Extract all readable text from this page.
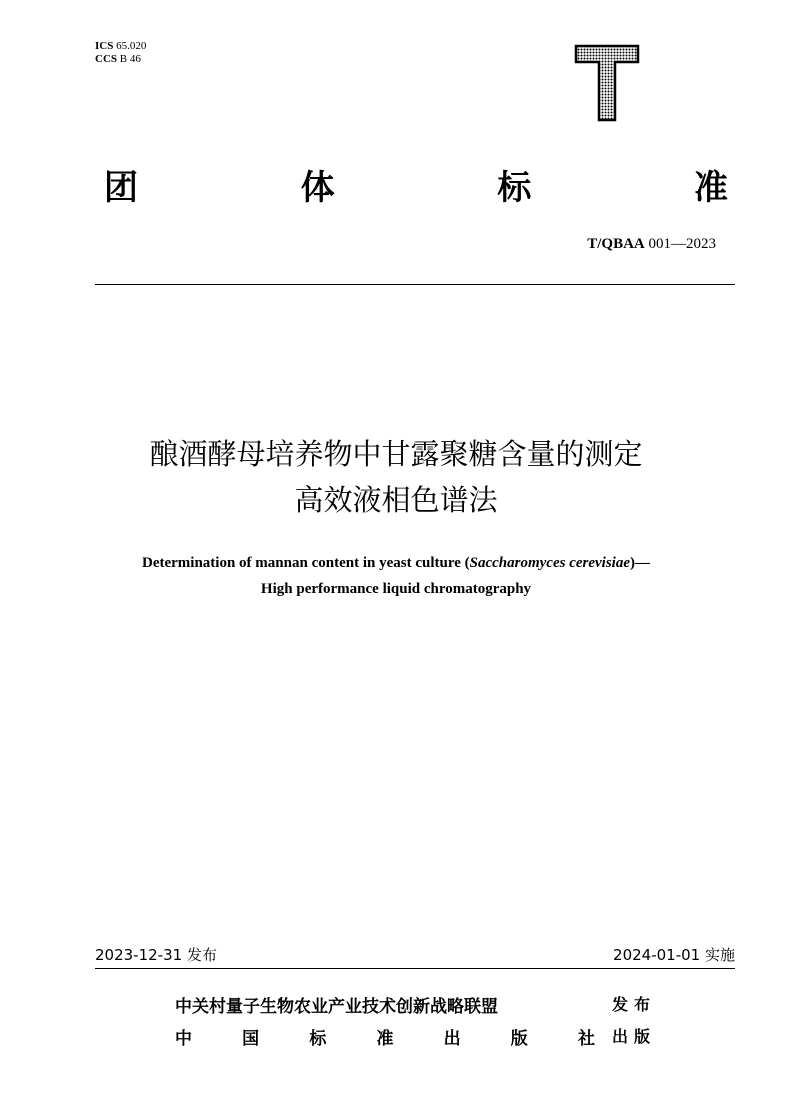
ICS 65.020
CCS B 46
团	体	标	准
T/QBAA 001—2023
酿酒酵母培养物中甘露聚糖含量的测定
高效液相色谱法
Determination of mannan content in yeast culture (Saccharomyces cerevisiae)—
High performance liquid chromatography
2023-12-31 发布	2024-01-01 实施
中关村量子生物农业产业技术创新战略联盟	发布
中	国	标	准	出	版	社 出版
